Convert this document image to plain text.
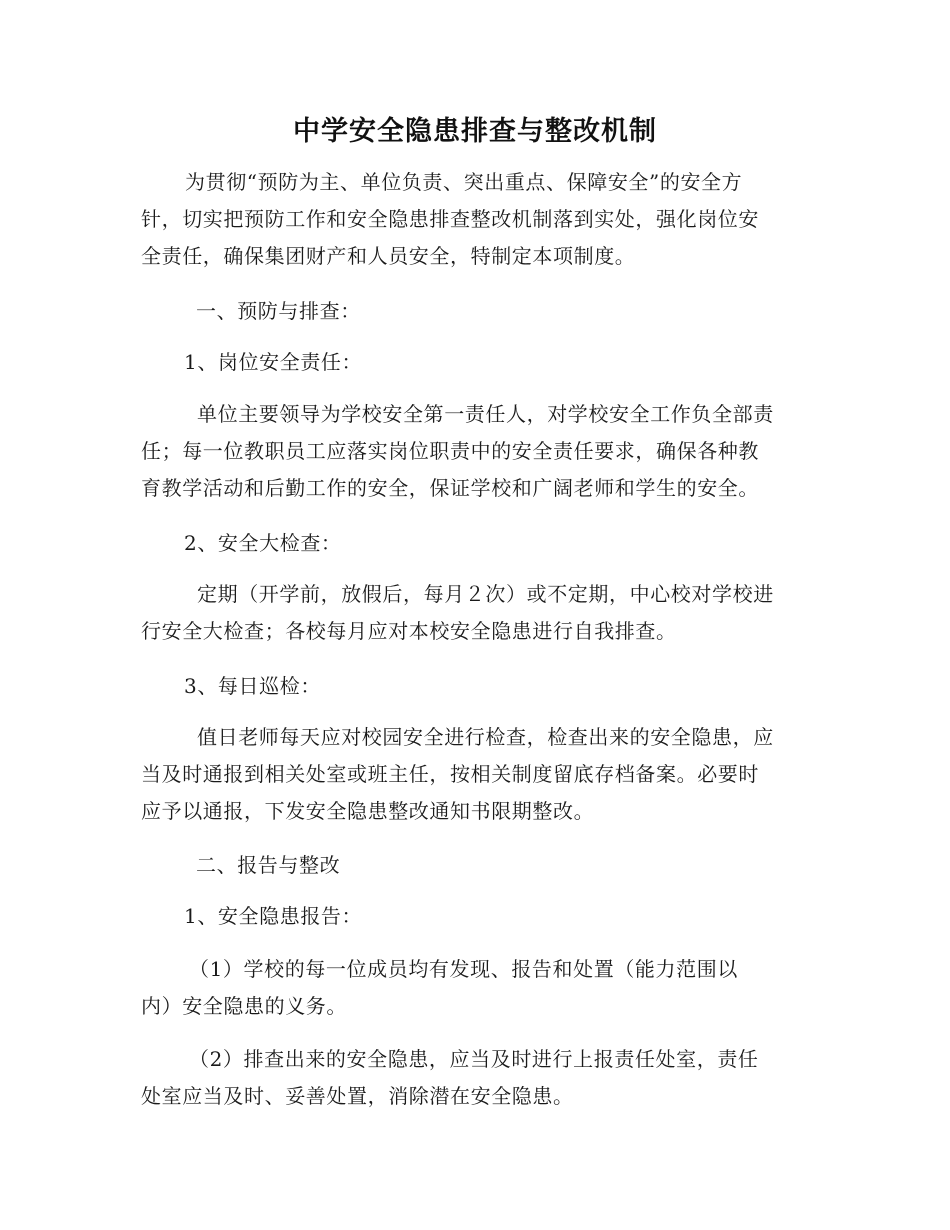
中学安全隐患排查与整改机制
为贯彻“预防为主、单位负责、突出重点、保障安全”的安全方
针，切实把预防工作和安全隐患排查整改机制落到实处，强化岗位安
全责任，确保集团财产和人员安全，特制定本项制度。
一、预防与排查：
1、岗位安全责任：
单位主要领导为学校安全第一责任人，对学校安全工作负全部责
任；每一位教职员工应落实岗位职责中的安全责任要求，确保各种教
育教学活动和后勤工作的安全，保证学校和广阔老师和学生的安全。
2、安全大检查：
定期（开学前，放假后，每月２次）或不定期，中心校对学校进
行安全大检查；各校每月应对本校安全隐患进行自我排查。
3、每日巡检：
值日老师每天应对校园安全进行检查，检查出来的安全隐患，应
当及时通报到相关处室或班主任，按相关制度留底存档备案。必要时
应予以通报，下发安全隐患整改通知书限期整改。
二、报告与整改
1、安全隐患报告：
（1）学校的每一位成员均有发现、报告和处置（能力范围以
内）安全隐患的义务。
（2）排查出来的安全隐患，应当及时进行上报责任处室，责任
处室应当及时、妥善处置，消除潜在安全隐患。
